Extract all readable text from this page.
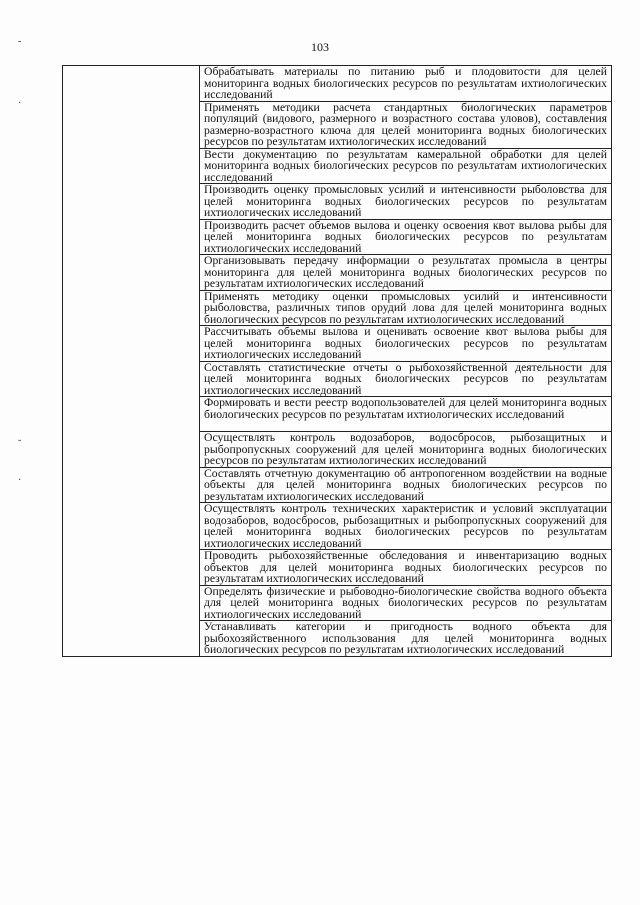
103
‐
·
˘
·

Обрабатывать материалы по питанию рыб и плодовитости для целей мониторинга водных биологических ресурсов по результатам ихтиологических исследований

Применять методики расчета стандартных биологических параметров популяций (видового, размерного и возрастного состава уловов), составления размерно-возрастного ключа для целей мониторинга водных биологических ресурсов по результатам ихтиологических исследований

Вести документацию по результатам камеральной обработки для целей мониторинга водных биологических ресурсов по результатам ихтиологических исследований

Производить оценку промысловых усилий и интенсивности рыболовства для целей мониторинга водных биологических ресурсов по результатам ихтиологических исследований

Производить расчет объемов вылова и оценку освоения квот вылова рыбы для целей мониторинга водных биологических ресурсов по результатам ихтиологических исследований

Организовывать передачу информации о результатах промысла в центры мониторинга для целей мониторинга водных биологических ресурсов по результатам ихтиологических исследований

Применять методику оценки промысловых усилий и интенсивности рыболовства, различных типов орудий лова для целей мониторинга водных биологических ресурсов по результатам ихтиологических исследований

Рассчитывать объемы вылова и оценивать освоение квот вылова рыбы для целей мониторинга водных биологических ресурсов по результатам ихтиологических исследований

Составлять статистические отчеты о рыбохозяйственной деятельности для целей мониторинга водных биологических ресурсов по результатам ихтиологических исследований

Формировать и вести реестр водопользователей для целей мониторинга водных биологических ресурсов по результатам ихтиологических исследований

Осуществлять контроль водозаборов, водосбросов, рыбозащитных и рыбопропускных сооружений для целей мониторинга водных биологических ресурсов по результатам ихтиологических исследований

Составлять отчетную документацию об антропогенном воздействии на водные объекты для целей мониторинга водных биологических ресурсов по результатам ихтиологических исследований

Осуществлять контроль технических характеристик и условий эксплуатации водозаборов, водосбросов, рыбозащитных и рыбопропускных сооружений для целей мониторинга водных биологических ресурсов по результатам ихтиологических исследований

Проводить рыбохозяйственные обследования и инвентаризацию водных объектов для целей мониторинга водных биологических ресурсов по результатам ихтиологических исследований

Определять физические и рыбоводно-биологические свойства водного объекта для целей мониторинга водных биологических ресурсов по результатам ихтиологических исследований

Устанавливать категории и пригодность водного объекта для рыбохозяйственного использования для целей мониторинга водных биологических ресурсов по результатам ихтиологических исследований
